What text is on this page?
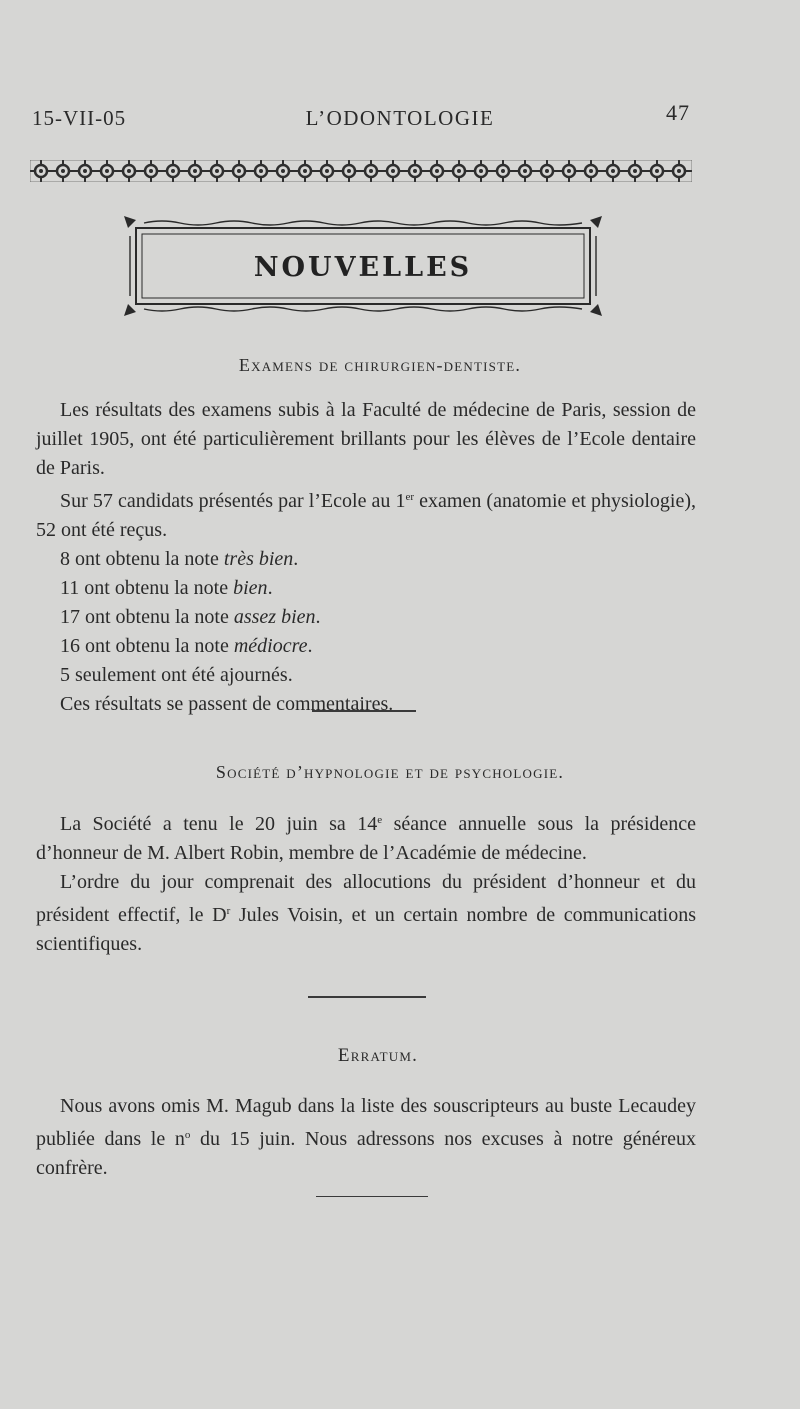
15-VII-05	L’ODONTOLOGIE	47
NOUVELLES
Examens de chirurgien-dentiste.

Les résultats des examens subis à la Faculté de médecine de Paris, session de juillet 1905, ont été particulièrement brillants pour les élèves de l’Ecole dentaire de Paris.

Sur 57 candidats présentés par l’Ecole au 1er examen (anatomie et physiologie), 52 ont été reçus.

8 ont obtenu la note très bien.

11 ont obtenu la note bien.

17 ont obtenu la note assez bien.

16 ont obtenu la note médiocre.

5 seulement ont été ajournés.

Ces résultats se passent de commentaires.

Société d’hypnologie et de psychologie.

La Société a tenu le 20 juin sa 14e séance annuelle sous la présidence d’honneur de M. Albert Robin, membre de l’Académie de médecine.

L’ordre du jour comprenait des allocutions du président d’honneur et du président effectif, le $D^r$ Jules Voisin, et un certain nombre de communications scientifiques.

Erratum.

Nous avons omis M. Magub dans la liste des souscripteurs au buste Lecaudey publiée dans le $n^o$ du 15 juin. Nous adressons nos excuses à notre généreux confrère.
